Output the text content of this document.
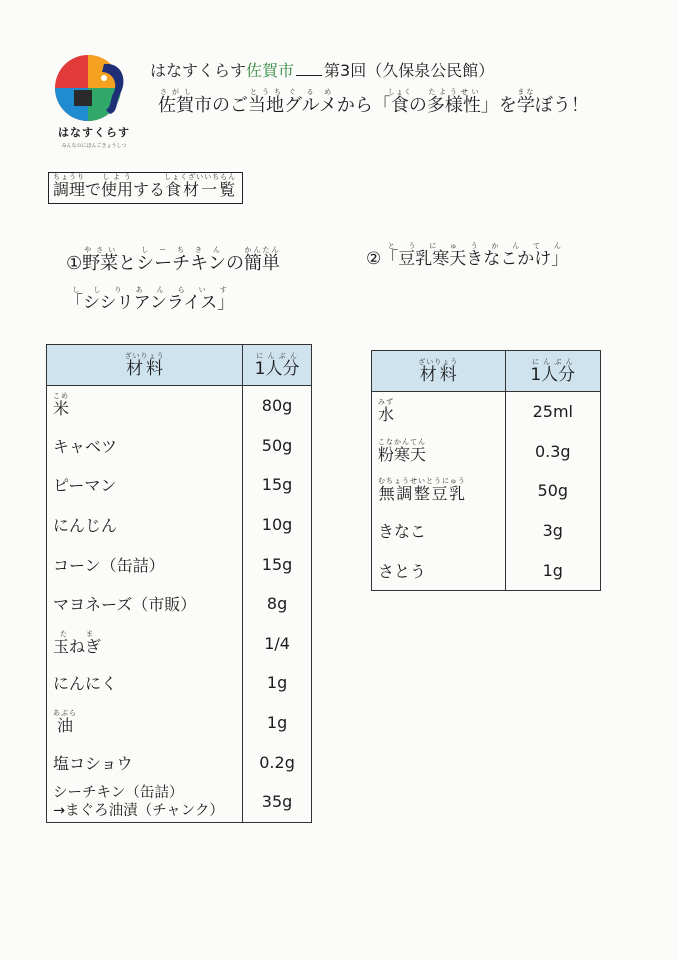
はなすくらす
みんなのにほんごきょうしつ
はなすくらす佐賀市 第3回（久保泉公民館）
佐賀さがし市のご当地とうちグルメぐるめから「食しょくの多様性たようせい」を学まなぼう！
調理ちょうりで使用しようする食材一覧しょくざいいちらん
①野菜やさいとシーチキンしーちきんの簡単かんたん
「シシリアンライス」ししりあんらいす
②「豆乳寒天きなこかけ」とうにゅうかんてん
材料ざいりょう	1人分にんぶん
米こめ	80g
キャベツ	50g
ピーマン	15g
にんじん	10g
コーン（缶詰）	15g
マヨネーズ（市販）	8g
玉ねぎたま	1/4
にんにく	1g
油あぶら	1g
塩コショウ	0.2g

シーチキン（缶詰）
→まぐろ油漬（チャンク）	35g
材料ざいりょう	1人分にんぶん
水みず	25ml
粉寒天こなかんてん	0.3g
無調整豆乳むちょうせいとうにゅう	50g
きなこ	3g
さとう	1g
